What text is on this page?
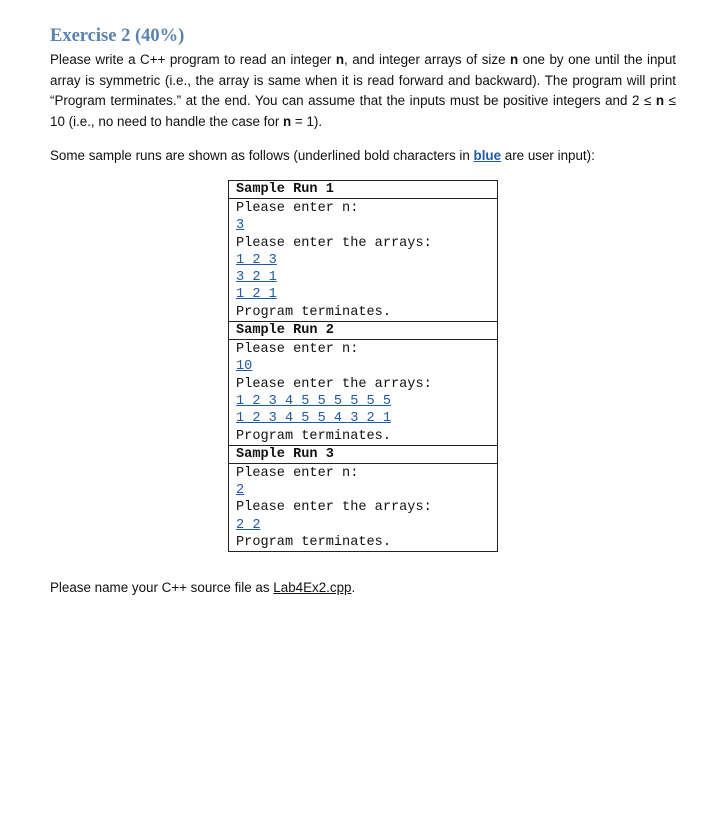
Exercise 2 (40%)

Please write a C++ program to read an integer n, and integer arrays of size n one by one until the input array is symmetric (i.e., the array is same when it is read forward and backward). The program will print “Program terminates.” at the end. You can assume that the inputs must be positive integers and 2 ≤ n ≤ 10 (i.e., no need to handle the case for n = 1).

Some sample runs are shown as follows (underlined bold characters in blue are user input):

Sample Run 1
Please enter n:
3
Please enter the arrays:
1 2 3
3 2 1
1 2 1
Program terminates.
Sample Run 2
Please enter n:
10
Please enter the arrays:
1 2 3 4 5 5 5 5 5 5
1 2 3 4 5 5 4 3 2 1
Program terminates.
Sample Run 3
Please enter n:
2
Please enter the arrays:
2 2
Program terminates.

Please name your C++ source file as Lab4Ex2.cpp.
